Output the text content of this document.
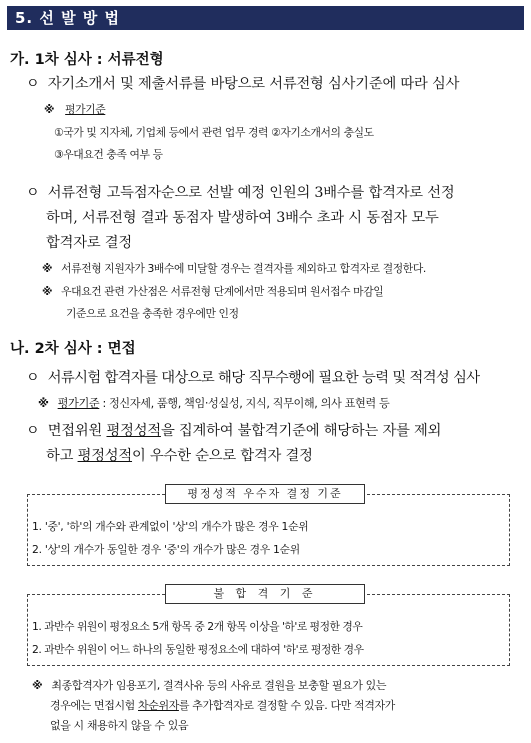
5. 선 발 방 법
가. 1차 심사 : 서류전형
ㅇ 자기소개서 및 제출서류를 바탕으로 서류전형 심사기준에 따라 심사
※ 평가기준
①국가 및 지자체, 기업체 등에서 관련 업무 경력 ②자기소개서의 충실도
③우대요건 충족 여부 등
ㅇ 서류전형 고득점자순으로 선발 예정 인원의 3배수를 합격자로 선정
하며, 서류전형 결과 동점자 발생하여 3배수 초과 시 동점자 모두
합격자로 결정
※ 서류전형 지원자가 3배수에 미달할 경우는 결격자를 제외하고 합격자로 결정한다.
※ 우대요건 관련 가산점은 서류전형 단계에서만 적용되며 원서접수 마감일
기준으로 요건을 충족한 경우에만 인정
나. 2차 심사 : 면접
ㅇ 서류시험 합격자를 대상으로 해당 직무수행에 필요한 능력 및 적격성 심사
※ 평가기준 : 정신자세, 품행, 책임·성실성, 지식, 직무이해, 의사 표현력 등
ㅇ 면접위원 평정성적을 집계하여 불합격기준에 해당하는 자를 제외
하고 평정성적이 우수한 순으로 합격자 결정
평정성적 우수자 결정 기준
1. '중', '하'의 개수와 관계없이 '상'의 개수가 많은 경우 1순위
2. '상'의 개수가 동일한 경우 '중'의 개수가 많은 경우 1순위
불 합 격 기 준
1. 과반수 위원이 평정요소 5개 항목 중 2개 항목 이상을 '하'로 평정한 경우
2. 과반수 위원이 어느 하나의 동일한 평정요소에 대하여 '하'로 평정한 경우
※ 최종합격자가 임용포기, 결격사유 등의 사유로 결원을 보충할 필요가 있는
경우에는 면접시험 차순위자를 추가합격자로 결정할 수 있음. 다만 적격자가
없을 시 채용하지 않을 수 있음
